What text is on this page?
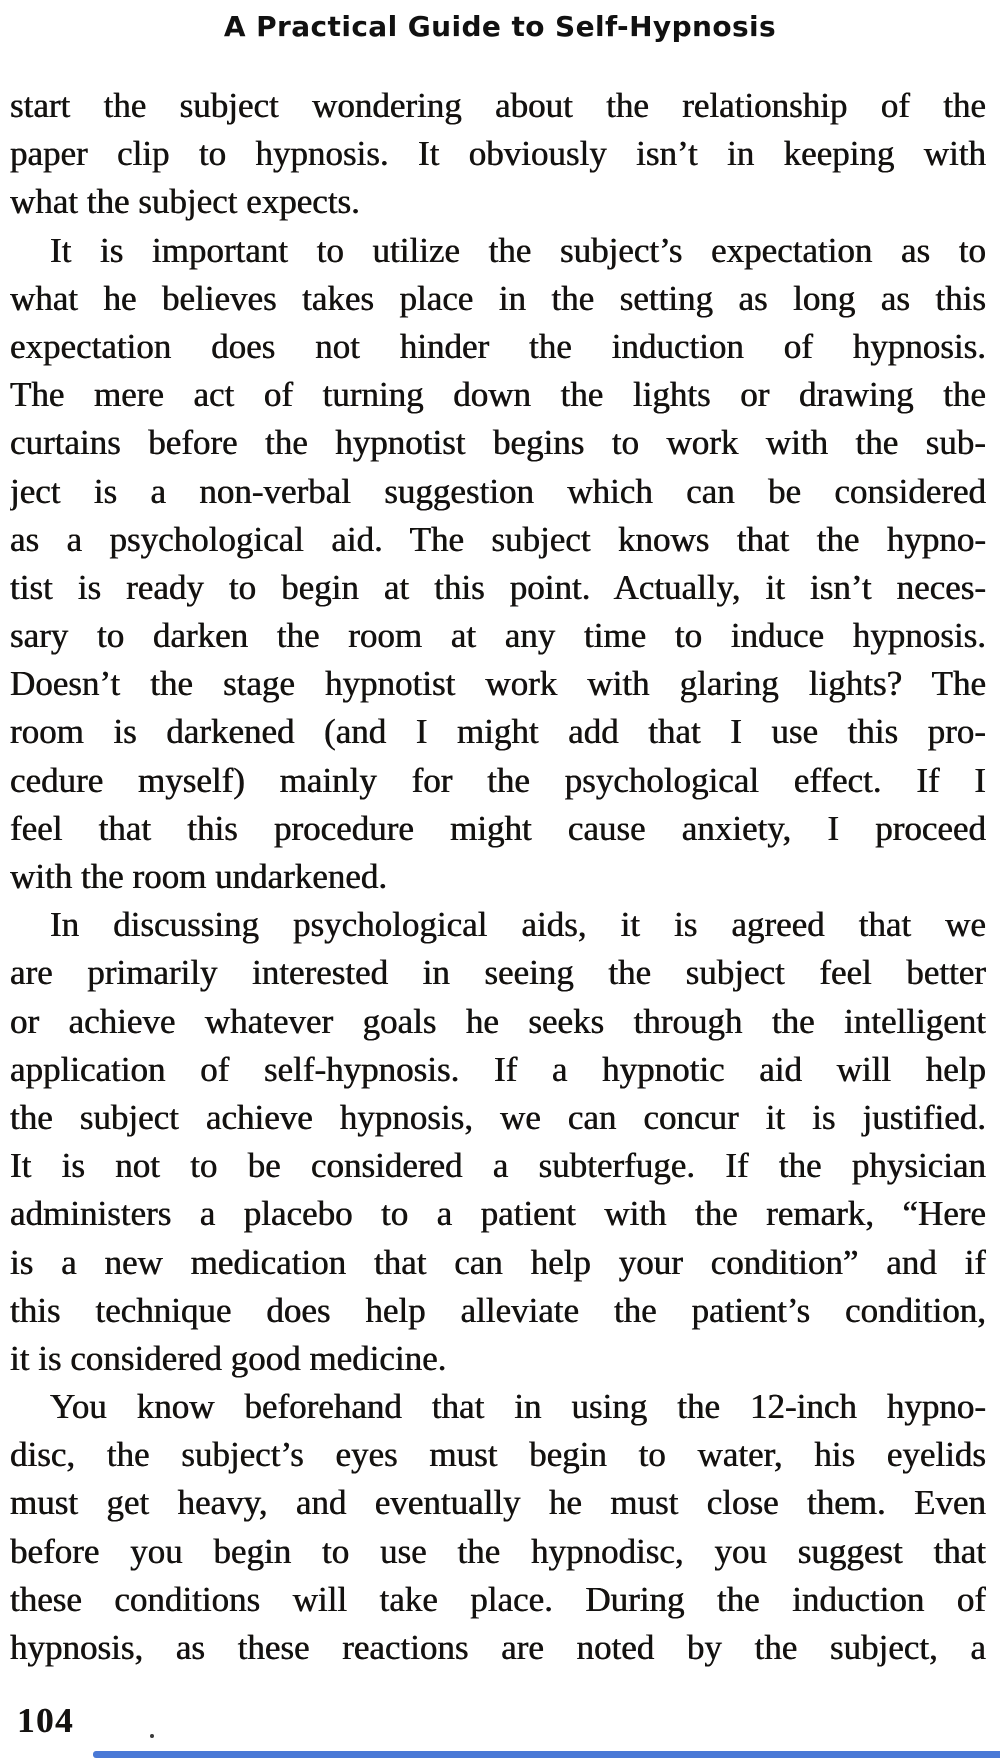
A Practical Guide to Self-Hypnosis
start the subject wondering about the relationship of the
paper clip to hypnosis. It obviously isn’t in keeping with
what the subject expects.
It is important to utilize the subject’s expectation as to
what he believes takes place in the setting as long as this
expectation does not hinder the induction of hypnosis.
The mere act of turning down the lights or drawing the
curtains before the hypnotist begins to work with the sub-
ject is a non-verbal suggestion which can be considered
as a psychological aid. The subject knows that the hypno-
tist is ready to begin at this point. Actually, it isn’t neces-
sary to darken the room at any time to induce hypnosis.
Doesn’t the stage hypnotist work with glaring lights? The
room is darkened (and I might add that I use this pro-
cedure myself) mainly for the psychological effect. If I
feel that this procedure might cause anxiety, I proceed
with the room undarkened.
In discussing psychological aids, it is agreed that we
are primarily interested in seeing the subject feel better
or achieve whatever goals he seeks through the intelligent
application of self-hypnosis. If a hypnotic aid will help
the subject achieve hypnosis, we can concur it is justified.
It is not to be considered a subterfuge. If the physician
administers a placebo to a patient with the remark, “Here
is a new medication that can help your condition” and if
this technique does help alleviate the patient’s condition,
it is considered good medicine.
You know beforehand that in using the 12-inch hypno-
disc, the subject’s eyes must begin to water, his eyelids
must get heavy, and eventually he must close them. Even
before you begin to use the hypnodisc, you suggest that
these conditions will take place. During the induction of
hypnosis, as these reactions are noted by the subject, a
104
